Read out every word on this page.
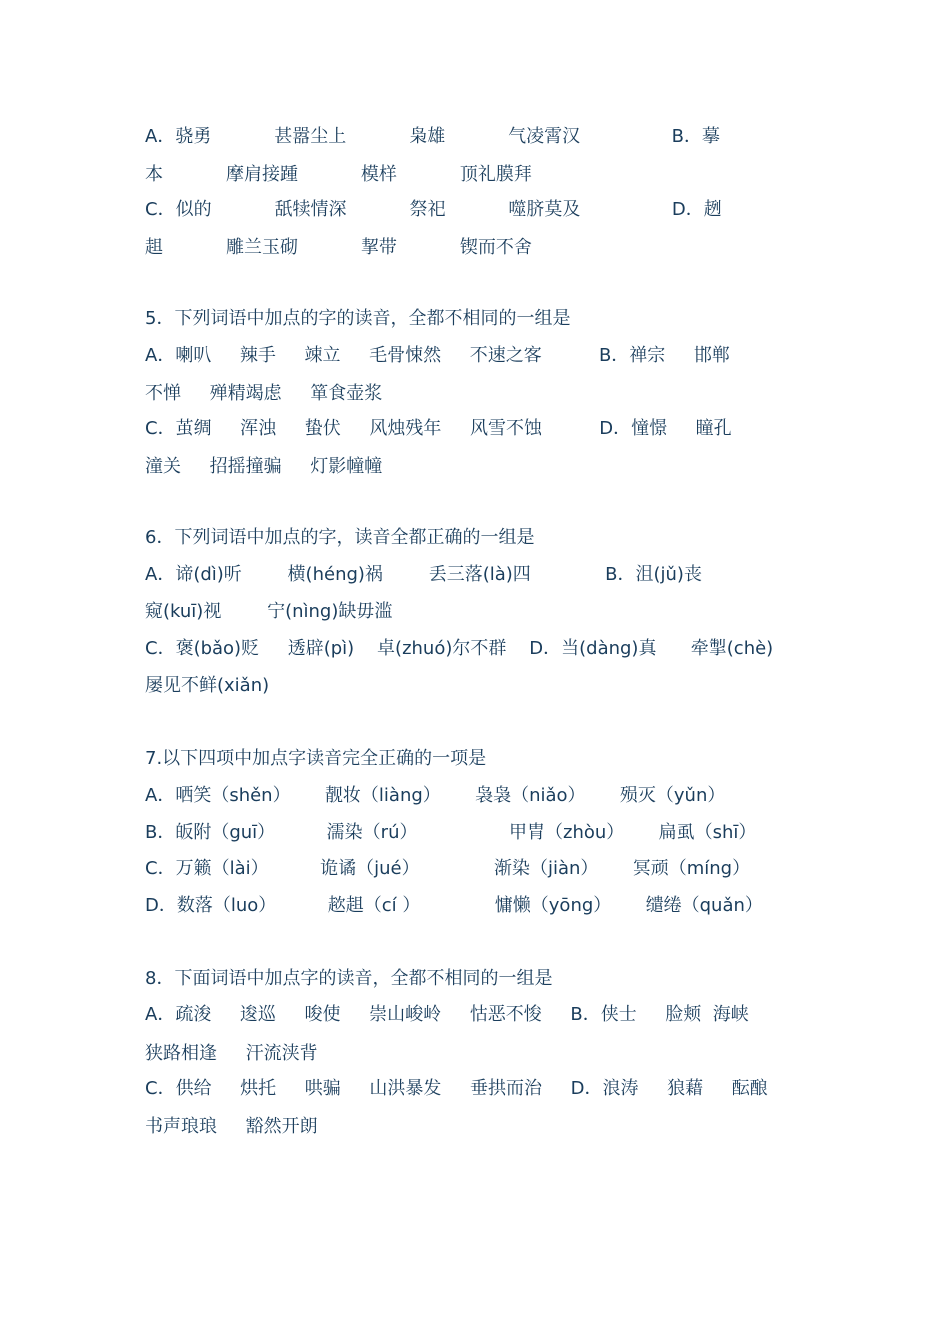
A．骁勇           甚嚣尘上           枭雄           气凌霄汉                B．摹
本           摩肩接踵           模样           顶礼膜拜
C．似的           舐犊情深           祭祀           噬脐莫及                D．趔
趄           雕兰玉砌           挈带           锲而不舍
5．下列词语中加点的字的读音，全都不相同的一组是
A．喇叭     辣手     竦立     毛骨悚然     不速之客          B．禅宗     邯郸
不惮     殚精竭虑     箪食壶浆
C．茧绸     浑浊     蛰伏     风烛残年     风雪不蚀          D．憧憬     瞳孔
潼关     招摇撞骗     灯影幢幢
6．下列词语中加点的字，读音全都正确的一组是
A．谛(dì)听        横(héng)祸        丢三落(là)四             B．沮(jǔ)丧
窥(kuī)视        宁(nìng)缺毋滥
C．褒(bǎo)贬     透辟(pì)    卓(zhuó)尔不群    D．当(dàng)真      牵掣(chè)
屡见不鲜(xiǎn)
7.以下四项中加点字读音完全正确的一项是
A．哂笑（shěn）      靓妆（liàng）      袅袅（niǎo）      殒灭（yǔn）
B．皈附（guī）         濡染（rú）                甲胄（zhòu）      扁虱（shī）
C．万籁（lài）         诡谲（jué）             渐染（jiàn）      冥顽（míng）
D．数落（luo）         趑趄（cí ）             慵懒（yōng）      缱绻（quǎn）
8．下面词语中加点字的读音，全都不相同的一组是
A．疏浚     逡巡     唆使     崇山峻岭     怙恶不悛     B．侠士     脸颊  海峡
狭路相逢     汗流浃背
C．供给     烘托     哄骗     山洪暴发     垂拱而治     D．浪涛     狼藉     酝酿
书声琅琅     豁然开朗
